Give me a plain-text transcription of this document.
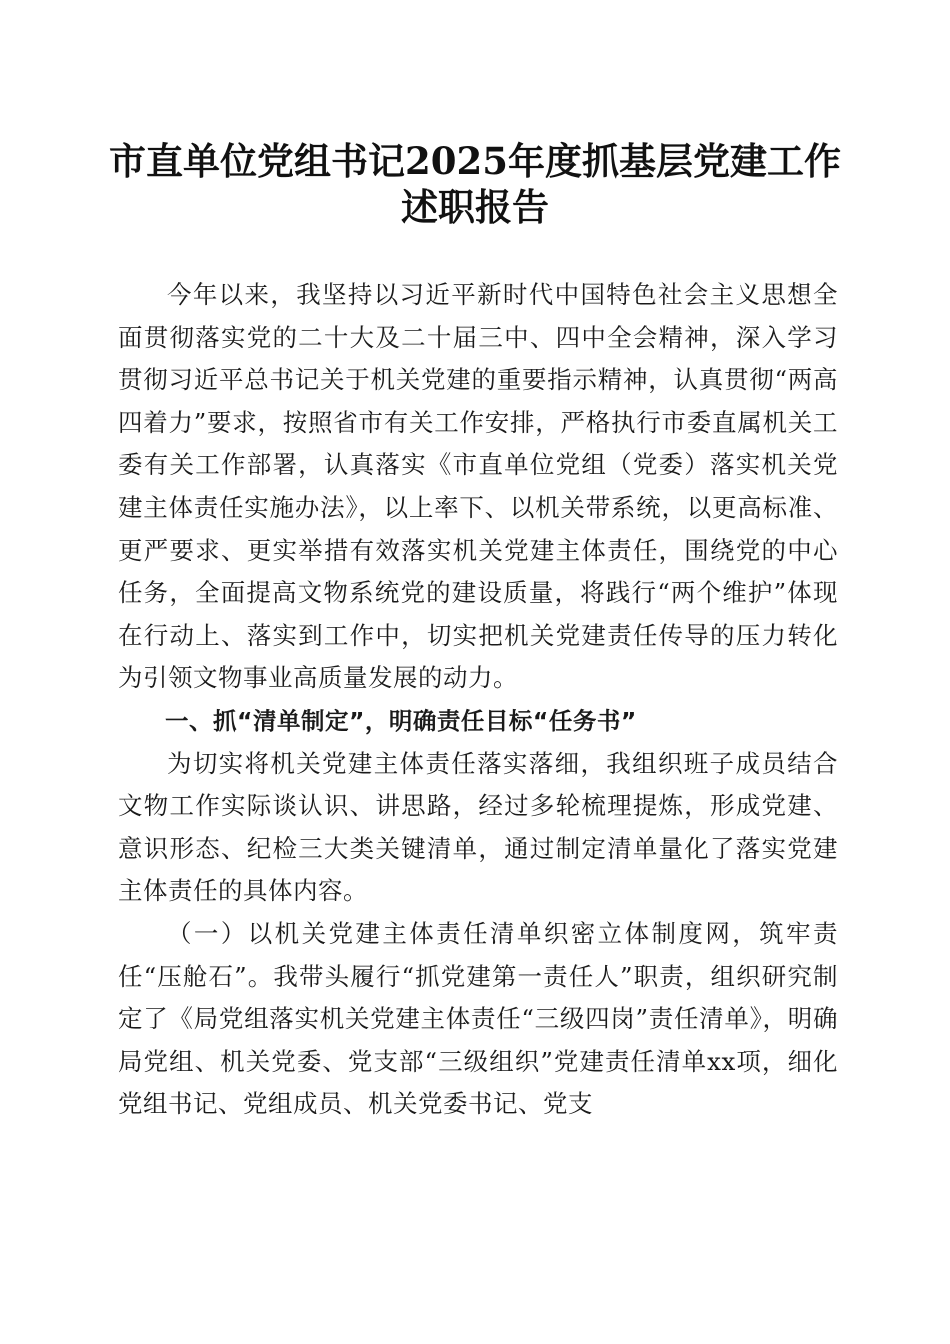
市直单位党组书记2025年度抓基层党建工作
述职报告

今年以来，我坚持以习近平新时代中国特色社会主义思想全面贯彻落实党的二十大及二十届三中、四中全会精神，深入学习贯彻习近平总书记关于机关党建的重要指示精神，认真贯彻“两高四着力”要求，按照省市有关工作安排，严格执行市委直属机关工委有关工作部署，认真落实《市直单位党组（党委）落实机关党建主体责任实施办法》，以上率下、以机关带系统，以更高标准、更严要求、更实举措有效落实机关党建主体责任，围绕党的中心任务，全面提高文物系统党的建设质量，将践行“两个维护”体现在行动上、落实到工作中，切实把机关党建责任传导的压力转化为引领文物事业高质量发展的动力。

一、抓“清单制定”，明确责任目标“任务书”

为切实将机关党建主体责任落实落细，我组织班子成员结合文物工作实际谈认识、讲思路，经过多轮梳理提炼，形成党建、意识形态、纪检三大类关键清单，通过制定清单量化了落实党建主体责任的具体内容。

（一）以机关党建主体责任清单织密立体制度网，筑牢责任“压舱石”。我带头履行“抓党建第一责任人”职责，组织研究制定了《局党组落实机关党建主体责任“三级四岗”责任清单》，明确局党组、机关党委、党支部“三级组织”党建责任清单xx项，细化党组书记、党组成员、机关党委书记、党支
